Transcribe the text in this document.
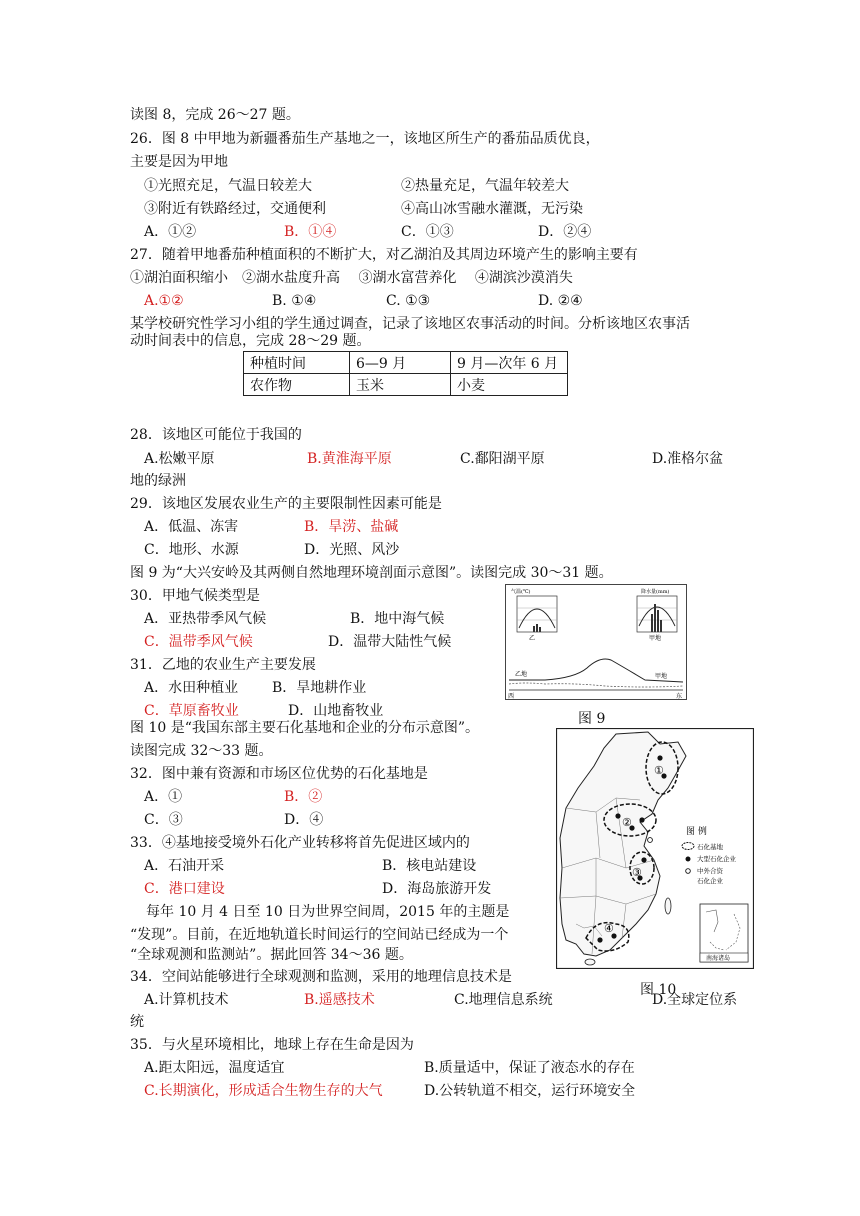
读图 8，完成 26～27 题。
26．图 8 中甲地为新疆番茄生产基地之一，该地区所生产的番茄品质优良，
主要是因为甲地
①光照充足，气温日较差大	②热量充足，气温年较差大
③附近有铁路经过，交通便利	④高山冰雪融水灌溉，无污染
A．①②	B．①④	C．①③	D．②④
27．随着甲地番茄种植面积的不断扩大，对乙湖泊及其周边环境产生的影响主要有
①湖泊面积缩小　②湖水盐度升高　 ③湖水富营养化　 ④湖滨沙漠消失
A.①②	B. ①④	C. ①③	D. ②④
某学校研究性学习小组的学生通过调查，记录了该地区农事活动的时间。分析该地区农事活
动时间表中的信息，完成 28～29 题。
种植时间	6—9 月	9 月—次年 6 月
农作物	玉米	小麦
28．该地区可能位于我国的
A.松嫩平原	B.黄淮海平原	C.鄱阳湖平原	D.准格尔盆
地的绿洲
29．该地区发展农业生产的主要限制性因素可能是
A．低温、冻害	B．旱涝、盐碱
C．地形、水源	D．光照、风沙
图 9 为“大兴安岭及其两侧自然地理环境剖面示意图”。读图完成 30～31 题。
30．甲地气候类型是
A．亚热带季风气候	B．地中海气候
C．温带季风气候	D．温带大陆性气候
31．乙地的农业生产主要发展
A．水田种植业 B．旱地耕作业
C．草原畜牧业	D．山地畜牧业
气温(℃)
乙
降水量(mm)
甲地
乙地	甲地
西	东
图 9
图 10 是“我国东部主要石化基地和企业的分布示意图”。
读图完成 32～33 题。
32．图中兼有资源和市场区位优势的石化基地是
A．①	B．②
C．③	D．④
33．④基地接受境外石化产业转移将首先促进区域内的
A．石油开采	B．核电站建设
C．港口建设	D．海岛旅游开发
①
②
③
④
图 例
石化基地
大型石化企业
中外合资
石化企业
南海诸岛
图 10
每年 10 月 4 日至 10 日为世界空间周，2015 年的主题是
“发现”。目前，在近地轨道长时间运行的空间站已经成为一个
“全球观测和监测站”。据此回答 34～36 题。
34．空间站能够进行全球观测和监测，采用的地理信息技术是
A.计算机技术	B.遥感技术	C.地理信息系统	D.全球定位系
统
35．与火星环境相比，地球上存在生命是因为
A.距太阳远，温度适宜	B.质量适中，保证了液态水的存在
C.长期演化，形成适合生物生存的大气	D.公转轨道不相交，运行环境安全
